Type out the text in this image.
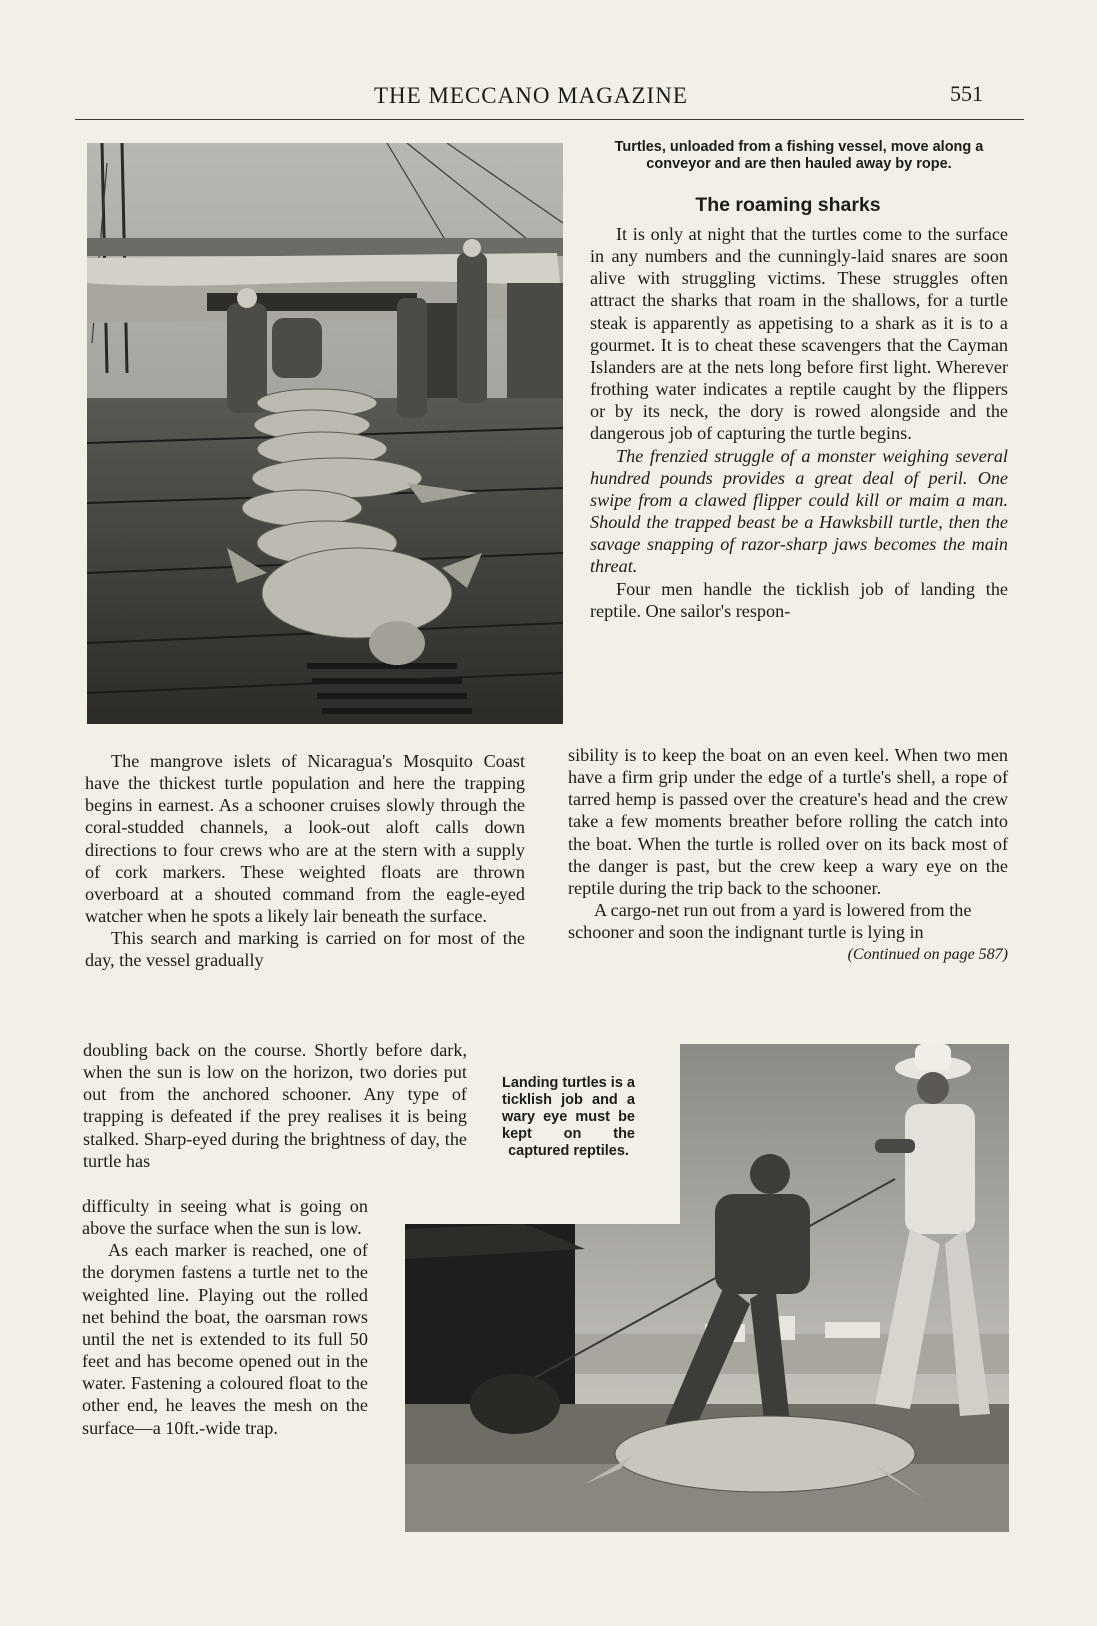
THE MECCANO MAGAZINE	551
Turtles, unloaded from a fishing vessel, move along a conveyor and are then hauled away by rope.
The roaming sharks

It is only at night that the turtles come to the surface in any numbers and the cunningly-laid snares are soon alive with struggling victims. These struggles often attract the sharks that roam in the shallows, for a turtle steak is apparently as appetising to a shark as it is to a gourmet. It is to cheat these scavengers that the Cayman Islanders are at the nets long before first light. Wherever frothing water indicates a reptile caught by the flippers or by its neck, the dory is rowed alongside and the dangerous job of capturing the turtle begins.

The frenzied struggle of a monster weighing several hundred pounds provides a great deal of peril. One swipe from a clawed flipper could kill or maim a man. Should the trapped beast be a Hawksbill turtle, then the savage snapping of razor-sharp jaws becomes the main threat.

Four men handle the ticklish job of landing the reptile. One sailor's respon-

sibility is to keep the boat on an even keel. When two men have a firm grip under the edge of a turtle's shell, a rope of tarred hemp is passed over the creature's head and the crew take a few moments breather before rolling the catch into the boat. When the turtle is rolled over on its back most of the danger is past, but the crew keep a wary eye on the reptile during the trip back to the schooner.

A cargo-net run out from a yard is lowered from the schooner and soon the indignant turtle is lying in
(Continued on page 587)

The mangrove islets of Nicaragua's Mosquito Coast have the thickest turtle population and here the trapping begins in earnest. As a schooner cruises slowly through the coral-studded channels, a look-out aloft calls down directions to four crews who are at the stern with a supply of cork markers. These weighted floats are thrown overboard at a shouted command from the eagle-eyed watcher when he spots a likely lair beneath the surface.

This search and marking is carried on for most of the day, the vessel gradually

doubling back on the course. Shortly before dark, when the sun is low on the horizon, two dories put out from the anchored schooner. Any type of trapping is defeated if the prey realises it is being stalked. Sharp-eyed during the brightness of day, the turtle has

difficulty in seeing what is going on above the surface when the sun is low.

As each marker is reached, one of the dorymen fastens a turtle net to the weighted line. Playing out the rolled net behind the boat, the oarsman rows until the net is extended to its full 50 feet and has become opened out in the water. Fastening a coloured float to the other end, he leaves the mesh on the surface—a 10ft.-wide trap.

Landing turtles is a ticklish job and a wary eye must be kept on the captured reptiles.
